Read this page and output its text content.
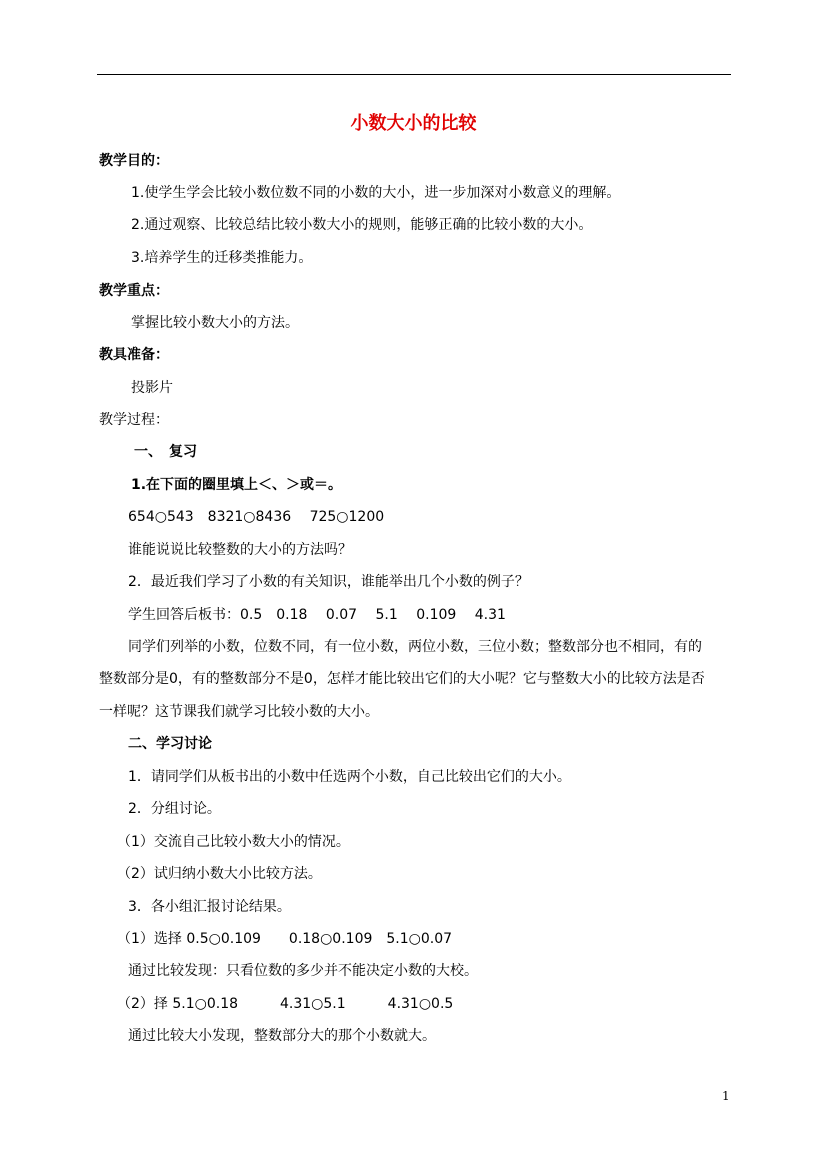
小数大小的比较
教学目的：
1.使学生学会比较小数位数不同的小数的大小，进一步加深对小数意义的理解。
2.通过观察、比较总结比较小数大小的规则，能够正确的比较小数的大小。
3.培养学生的迁移类推能力。
教学重点：
掌握比较小数大小的方法。
教具准备：
投影片
教学过程：
一、　复习
1.在下面的圈里填上＜、＞或＝。
654○543　8321○8436　 725○1200
谁能说说比较整数的大小的方法吗？
2．最近我们学习了小数的有关知识，谁能举出几个小数的例子？
学生回答后板书：0.5　0.18　 0.07　 5.1　 0.109　 4.31
同学们列举的小数，位数不同，有一位小数，两位小数，三位小数；整数部分也不相同，有的
整数部分是0，有的整数部分不是0，怎样才能比较出它们的大小呢？它与整数大小的比较方法是否
一样呢？这节课我们就学习比较小数的大小。
二、学习讨论
1．请同学们从板书出的小数中任选两个小数，自己比较出它们的大小。
2．分组讨论。
（1）交流自己比较小数大小的情况。
（2）试归纳小数大小比较方法。
3．各小组汇报讨论结果。
（1）选择 0.5○0.109　　0.18○0.109　5.1○0.07
通过比较发现：只看位数的多少并不能决定小数的大校。
（2）择 5.1○0.18　　　4.31○5.1　　　4.31○0.5
通过比较大小发现，整数部分大的那个小数就大。
1
